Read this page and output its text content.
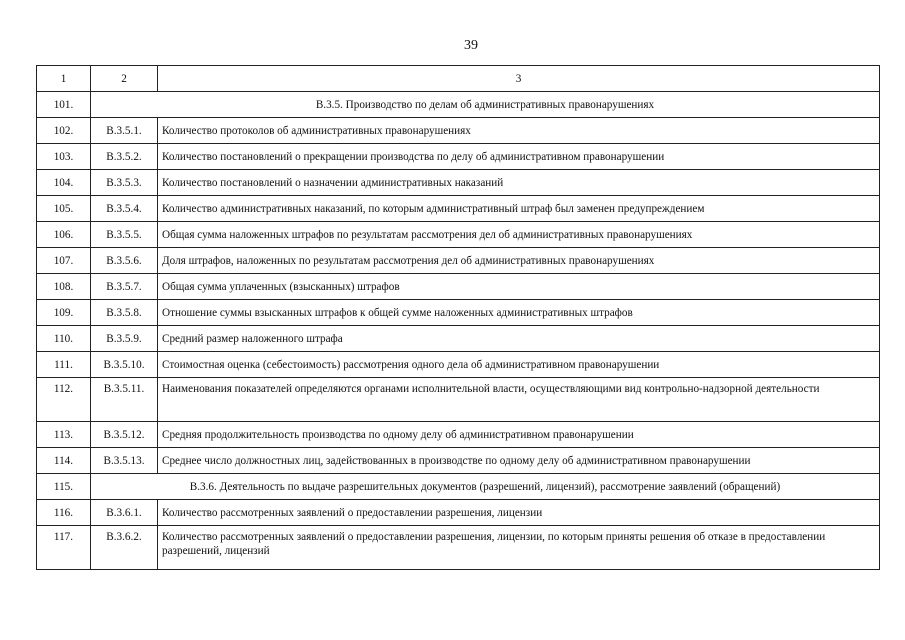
39
1	2	3
101.	В.3.5. Производство по делам об административных правонарушениях	
102.	В.3.5.1.	Количество протоколов об административных правонарушениях
103.	В.3.5.2.	Количество постановлений о прекращении производства по делу об административном правонарушении
104.	В.3.5.3.	Количество постановлений о назначении административных наказаний
105.	В.3.5.4.	Количество административных наказаний, по которым административный штраф был заменен предупреждением
106.	В.3.5.5.	Общая сумма наложенных штрафов по результатам рассмотрения дел об административных правонарушениях
107.	В.3.5.6.	Доля штрафов, наложенных по результатам рассмотрения дел об административных правонарушениях
108.	В.3.5.7.	Общая сумма уплаченных (взысканных) штрафов
109.	В.3.5.8.	Отношение суммы взысканных штрафов к общей сумме наложенных административных штрафов
110.	В.3.5.9.	Средний размер наложенного штрафа
111.	В.3.5.10.	Стоимостная оценка (себестоимость) рассмотрения одного дела об административном правонарушении
112.	В.3.5.11.	Наименования показателей определяются органами исполнительной власти, осуществляющими вид контрольно-надзорной деятельности
113.	В.3.5.12.	Средняя продолжительность производства по одному делу об административном правонарушении
114.	В.3.5.13.	Среднее число должностных лиц, задействованных в производстве по одному делу об административном правонарушении
115.	В.3.6. Деятельность по выдаче разрешительных документов (разрешений, лицензий), рассмотрение заявлений (обращений)	
116.	В.3.6.1.	Количество рассмотренных заявлений о предоставлении разрешения, лицензии
117.	В.3.6.2.	Количество рассмотренных заявлений о предоставлении разрешения, лицензии, по которым приняты решения об отказе в предоставлении разрешений, лицензий
